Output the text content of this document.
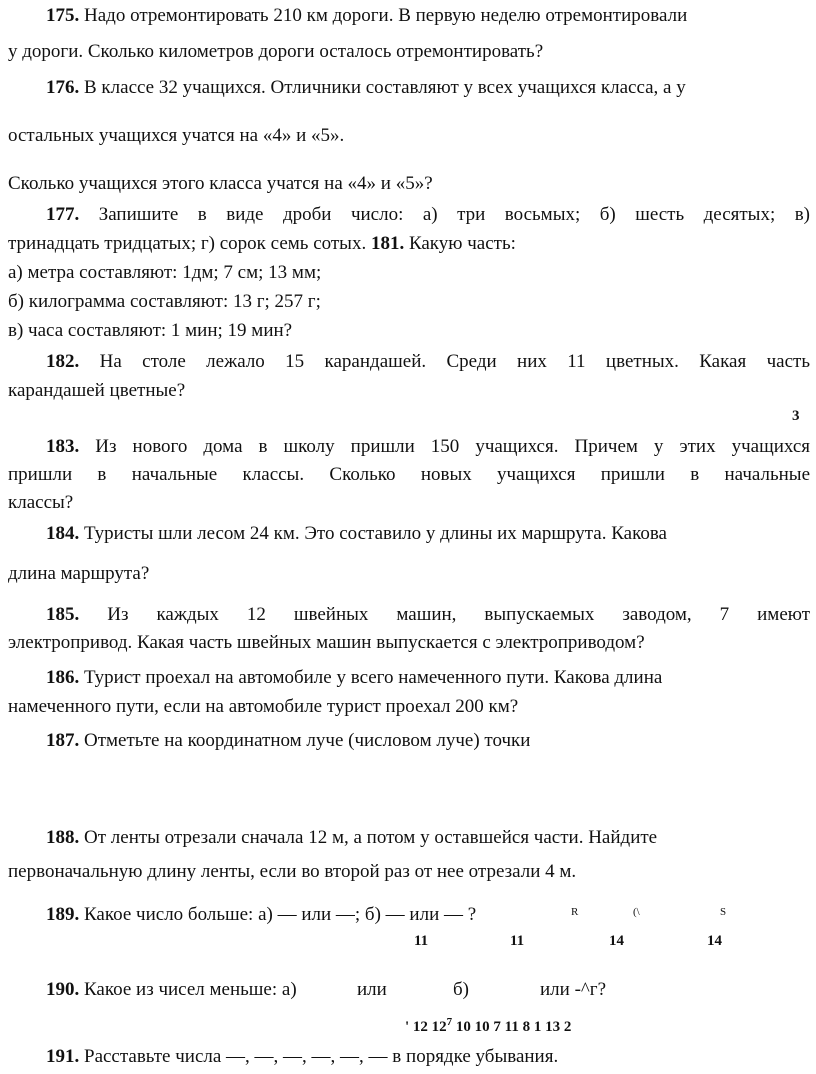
175. Надо отремонтировать 210 км дороги. В первую неделю отремонтировали
у дороги. Сколько километров дороги осталось отремонтировать?
176. В классе 32 учащихся. Отличники составляют у всех учащихся класса, а у
остальных учащихся учатся на «4» и «5».
Сколько учащихся этого класса учатся на «4» и «5»?
177. Запишите в виде дроби число: а) три восьмых; б) шесть десятых; в)
тринадцать тридцатых; г) сорок семь сотых. 181. Какую часть:
а) метра составляют: 1дм; 7 см; 13 мм;
б) килограмма составляют: 13 г; 257 г;
в) часа составляют: 1 мин; 19 мин?
182. На столе лежало 15 карандашей. Среди них 11 цветных. Какая часть
карандашей цветные?
3
183. Из нового дома в школу пришли 150 учащихся. Причем у этих учащихся
пришли в начальные классы. Сколько новых учащихся пришли в начальные
классы?
184. Туристы шли лесом 24 км. Это составило у длины их маршрута. Какова
длина маршрута?
185. Из каждых 12 швейных машин, выпускаемых заводом, 7 имеют
электропривод. Какая часть швейных машин выпускается с электроприводом?
186. Турист проехал на автомобиле у всего намеченного пути. Какова длина
намеченного пути, если на автомобиле турист проехал 200 км?
187. Отметьте на координатном луче (числовом луче) точки
188. От ленты отрезали сначала 12 м, а потом у оставшейся части. Найдите
первоначальную длину ленты, если во второй раз от нее отрезали 4 м.
189. Какое число больше: а) — или —; б) — или — ?	R	(\	S
11	11	14	14
190. Какое из чисел меньше: а)	или	б)	или -^г?
' 12 $12^7$ 10 10 7 11 8 1 13 2
191. Расставьте числа —, —, —, —, —, — в порядке убывания.
